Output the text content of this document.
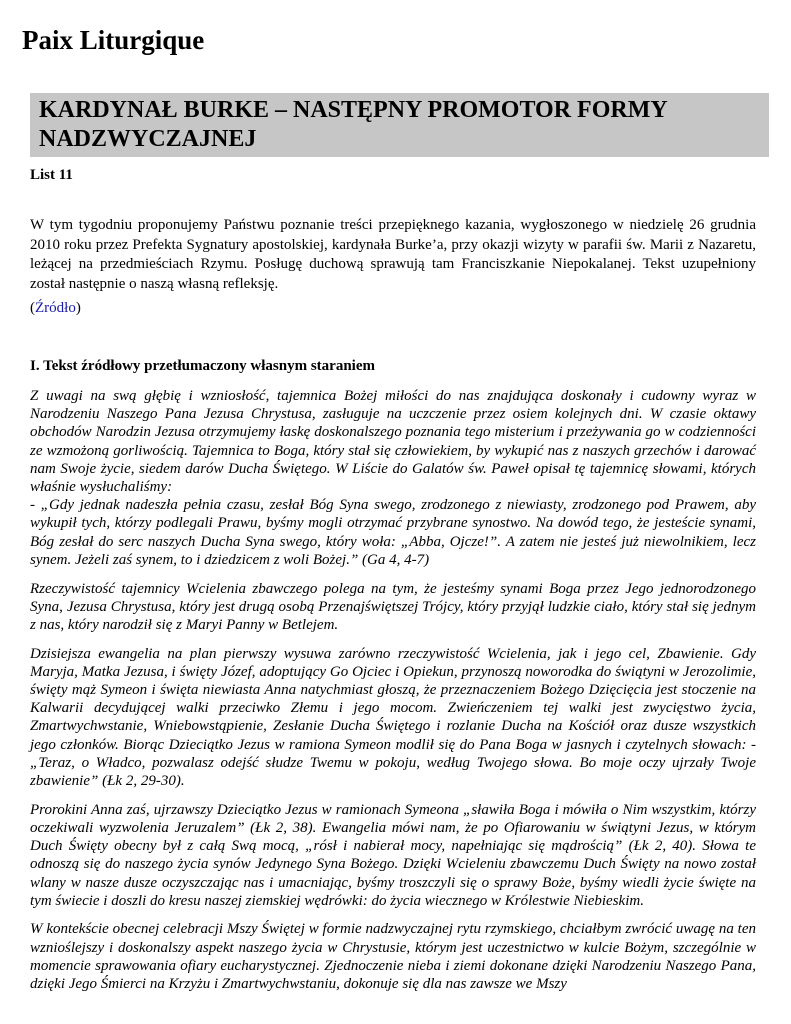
Paix Liturgique
KARDYNAŁ BURKE – NASTĘPNY PROMOTOR FORMY NADZWYCZAJNEJ
List 11

W tym tygodniu proponujemy Państwu poznanie treści przepięknego kazania, wygłoszonego w niedzielę 26 grudnia 2010 roku przez Prefekta Sygnatury apostolskiej, kardynała Burke’a, przy okazji wizyty w parafii św. Marii z Nazaretu, leżącej na przedmieściach Rzymu. Posługę duchową sprawują tam Franciszkanie Niepokalanej. Tekst uzupełniony został następnie o naszą własną refleksję.

(Źródło)
I. Tekst źródłowy przetłumaczony własnym staraniem

Z uwagi na swą głębię i wzniosłość, tajemnica Bożej miłości do nas znajdująca doskonały i cudowny wyraz w Narodzeniu Naszego Pana Jezusa Chrystusa, zasługuje na uczczenie przez osiem kolejnych dni. W czasie oktawy obchodów Narodzin Jezusa otrzymujemy łaskę doskonalszego poznania tego misterium i przeżywania go w codzienności ze wzmożoną gorliwością. Tajemnica to Boga, który stał się człowiekiem, by wykupić nas z naszych grzechów i darować nam Swoje życie, siedem darów Ducha Świętego. W Liście do Galatów św. Paweł opisał tę tajemnicę słowami, których właśnie wysłuchaliśmy:
- „Gdy jednak nadeszła pełnia czasu, zesłał Bóg Syna swego, zrodzonego z niewiasty, zrodzonego pod Prawem, aby wykupił tych, którzy podlegali Prawu, byśmy mogli otrzymać przybrane synostwo. Na dowód tego, że jesteście synami, Bóg zesłał do serc naszych Ducha Syna swego, który woła: „Abba, Ojcze!”. A zatem nie jesteś już niewolnikiem, lecz synem. Jeżeli zaś synem, to i dziedzicem z woli Bożej.” (Ga 4, 4-7)

Rzeczywistość tajemnicy Wcielenia zbawczego polega na tym, że jesteśmy synami Boga przez Jego jednorodzonego Syna, Jezusa Chrystusa, który jest drugą osobą Przenajświętszej Trójcy, który przyjął ludzkie ciało, który stał się jednym z nas, który narodził się z Maryi Panny w Betlejem.

Dzisiejsza ewangelia na plan pierwszy wysuwa zarówno rzeczywistość Wcielenia, jak i jego cel, Zbawienie. Gdy Maryja, Matka Jezusa, i święty Józef, adoptujący Go Ojciec i Opiekun, przynoszą noworodka do świątyni w Jerozolimie, święty mąż Symeon i święta niewiasta Anna natychmiast głoszą, że przeznaczeniem Bożego Dzięcięcia jest stoczenie na Kalwarii decydującej walki przeciwko Złemu i jego mocom. Zwieńczeniem tej walki jest zwycięstwo życia, Zmartwychwstanie, Wniebowstąpienie, Zesłanie Ducha Świętego i rozlanie Ducha na Kościół oraz dusze wszystkich jego członków. Biorąc Dzieciątko Jezus w ramiona Symeon modlił się do Pana Boga w jasnych i czytelnych słowach: - „Teraz, o Władco, pozwalasz odejść słudze Twemu w pokoju, według Twojego słowa. Bo moje oczy ujrzały Twoje zbawienie” (Łk 2, 29-30).

Prorokini Anna zaś, ujrzawszy Dzieciątko Jezus w ramionach Symeona „sławiła Boga i mówiła o Nim wszystkim, którzy oczekiwali wyzwolenia Jeruzalem” (Łk 2, 38). Ewangelia mówi nam, że po Ofiarowaniu w świątyni Jezus, w którym Duch Święty obecny był z całą Swą mocą, „rósł i nabierał mocy, napełniając się mądrością” (Łk 2, 40). Słowa te odnoszą się do naszego życia synów Jedynego Syna Bożego. Dzięki Wcieleniu zbawczemu Duch Święty na nowo został wlany w nasze dusze oczyszczając nas i umacniając, byśmy troszczyli się o sprawy Boże, byśmy wiedli życie święte na tym świecie i doszli do kresu naszej ziemskiej wędrówki: do życia wiecznego w Królestwie Niebieskim.

W kontekście obecnej celebracji Mszy Świętej w formie nadzwyczajnej rytu rzymskiego, chciałbym zwrócić uwagę na ten wznioślejszy i doskonalszy aspekt naszego życia w Chrystusie, którym jest uczestnictwo w kulcie Bożym, szczególnie w momencie sprawowania ofiary eucharystycznej. Zjednoczenie nieba i ziemi dokonane dzięki Narodzeniu Naszego Pana, dzięki Jego Śmierci na Krzyżu i Zmartwychwstaniu, dokonuje się dla nas zawsze we Mszy
